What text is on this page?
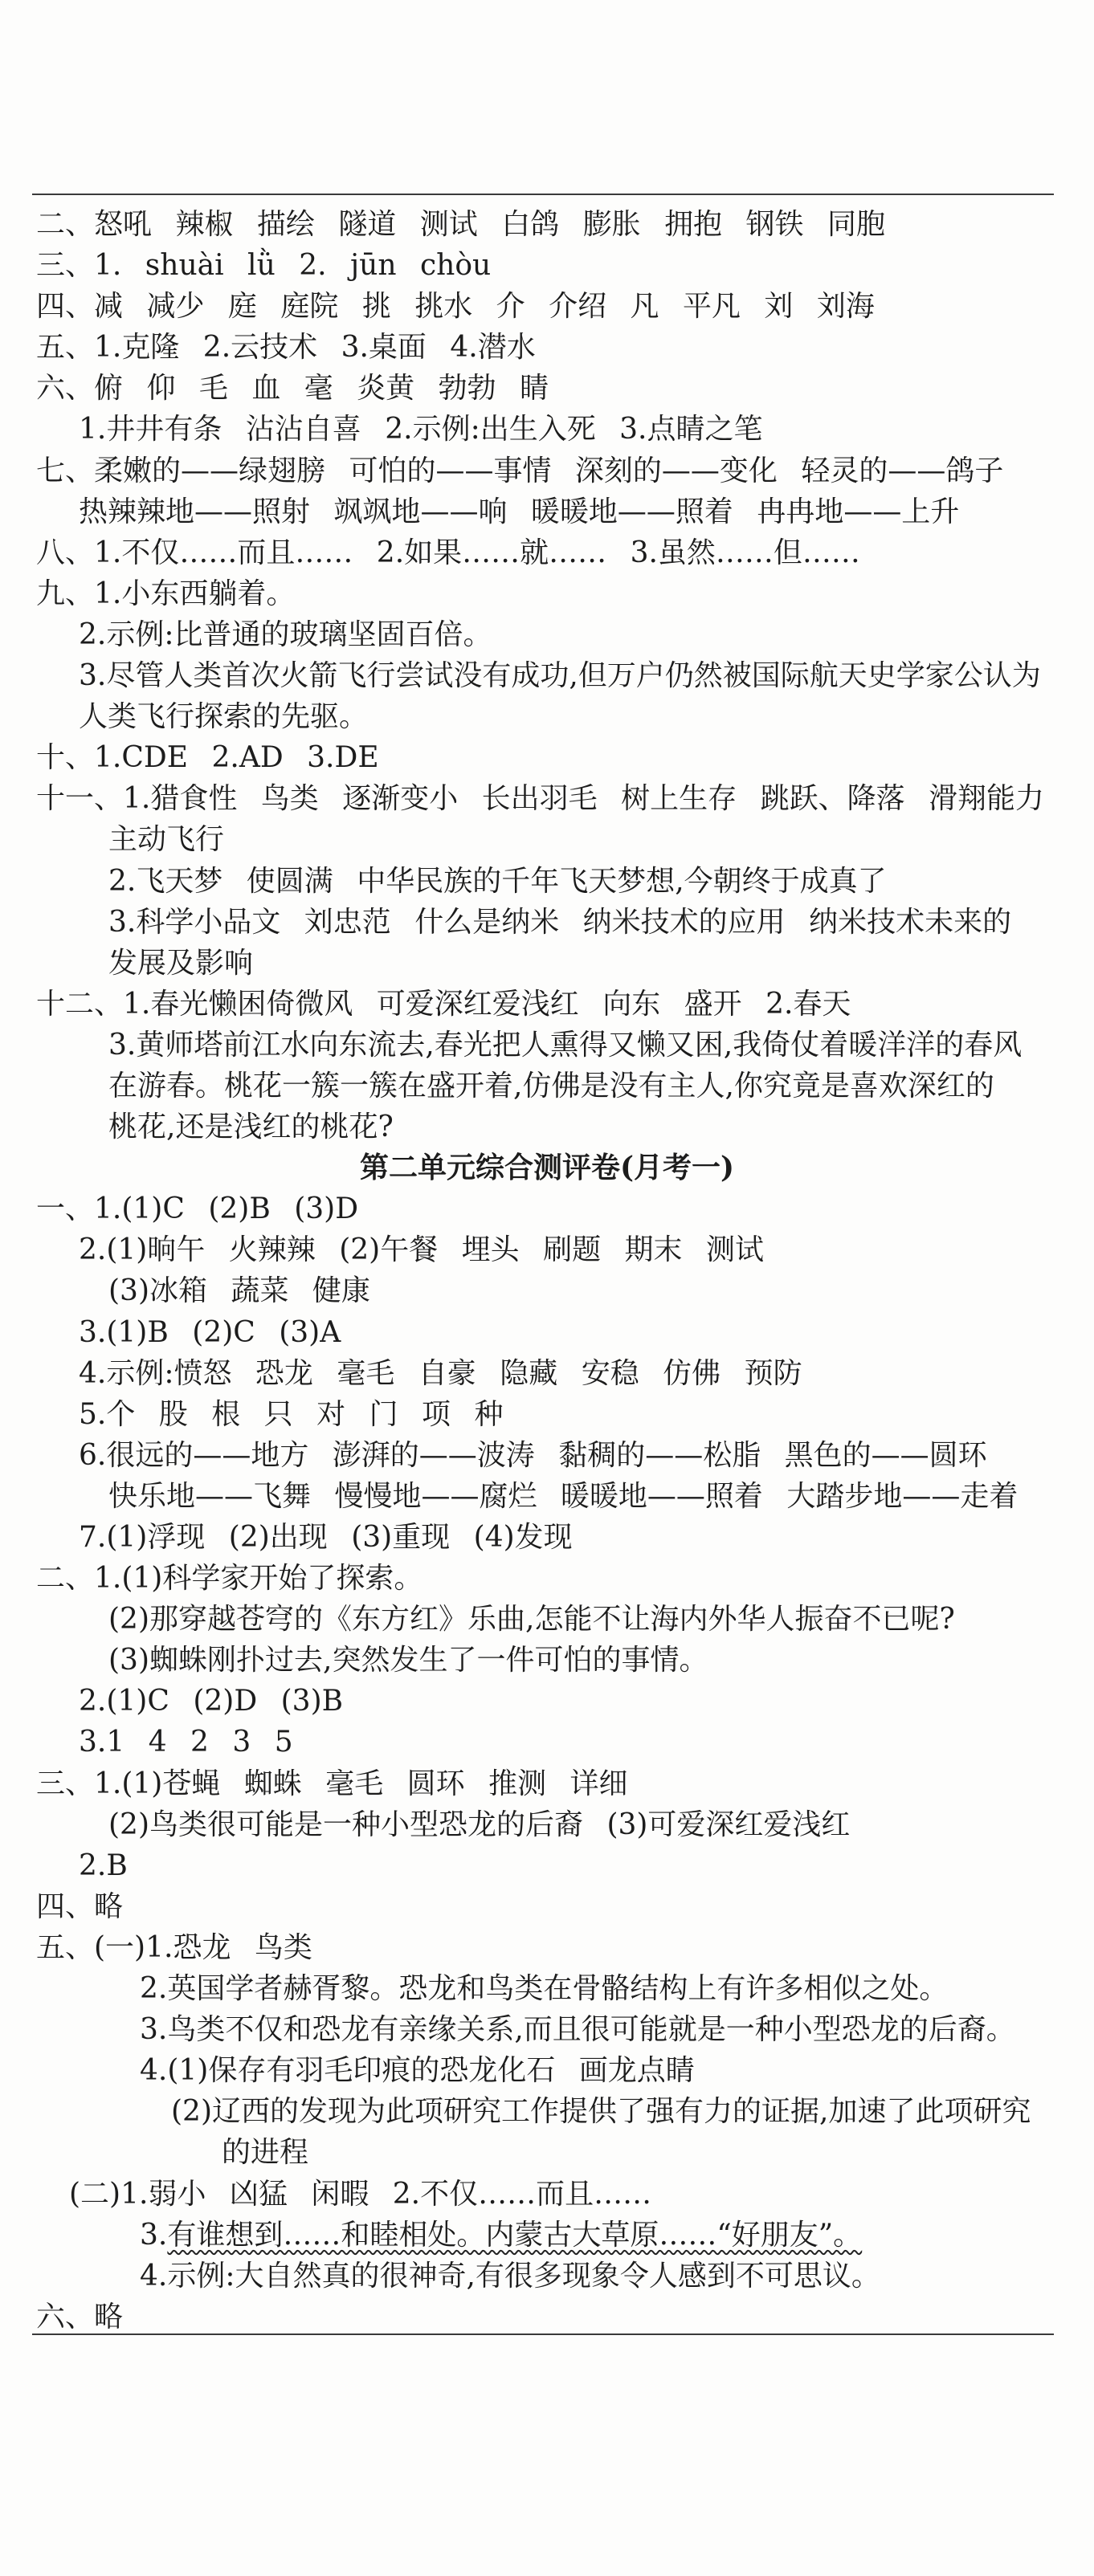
二、怒吼 辣椒 描绘 隧道 测试 白鸽 膨胀 拥抱 钢铁 同胞
三、1. shuài lǜ 2. jūn chòu
四、减 减少 庭 庭院 挑 挑水 介 介绍 凡 平凡 刘 刘海
五、1.克隆 2.云技术 3.桌面 4.潜水
六、俯 仰 毛 血 毫 炎黄 勃勃 睛
1.井井有条 沾沾自喜 2.示例:出生入死 3.点睛之笔
七、柔嫩的——绿翅膀 可怕的——事情 深刻的——变化 轻灵的——鸽子
热辣辣地——照射 飒飒地——响 暖暖地——照着 冉冉地——上升
八、1.不仅……而且…… 2.如果……就…… 3.虽然……但……
九、1.小东西躺着。
2.示例:比普通的玻璃坚固百倍。
3.尽管人类首次火箭飞行尝试没有成功,但万户仍然被国际航天史学家公认为
人类飞行探索的先驱。
十、1.CDE 2.AD 3.DE
十一、1.猎食性 鸟类 逐渐变小 长出羽毛 树上生存 跳跃、降落 滑翔能力
主动飞行
2.飞天梦 使圆满 中华民族的千年飞天梦想,今朝终于成真了
3.科学小品文 刘忠范 什么是纳米 纳米技术的应用 纳米技术未来的
发展及影响
十二、1.春光懒困倚微风 可爱深红爱浅红 向东 盛开 2.春天
3.黄师塔前江水向东流去,春光把人熏得又懒又困,我倚仗着暖洋洋的春风
在游春。桃花一簇一簇在盛开着,仿佛是没有主人,你究竟是喜欢深红的
桃花,还是浅红的桃花?
第二单元综合测评卷(月考一)
一、1.(1)C (2)B (3)D
2.(1)晌午 火辣辣 (2)午餐 埋头 刷题 期末 测试
(3)冰箱 蔬菜 健康
3.(1)B (2)C (3)A
4.示例:愤怒 恐龙 毫毛 自豪 隐藏 安稳 仿佛 预防
5.个 股 根 只 对 门 项 种
6.很远的——地方 澎湃的——波涛 黏稠的——松脂 黑色的——圆环
快乐地——飞舞 慢慢地——腐烂 暖暖地——照着 大踏步地——走着
7.(1)浮现 (2)出现 (3)重现 (4)发现
二、1.(1)科学家开始了探索。
(2)那穿越苍穹的《东方红》乐曲,怎能不让海内外华人振奋不已呢?
(3)蜘蛛刚扑过去,突然发生了一件可怕的事情。
2.(1)C (2)D (3)B
3.1 4 2 3 5
三、1.(1)苍蝇 蜘蛛 毫毛 圆环 推测 详细
(2)鸟类很可能是一种小型恐龙的后裔 (3)可爱深红爱浅红
2.B
四、略
五、(一)1.恐龙 鸟类
2.英国学者赫胥黎。恐龙和鸟类在骨骼结构上有许多相似之处。
3.鸟类不仅和恐龙有亲缘关系,而且很可能就是一种小型恐龙的后裔。
4.(1)保存有羽毛印痕的恐龙化石 画龙点睛
(2)辽西的发现为此项研究工作提供了强有力的证据,加速了此项研究
的进程
(二)1.弱小 凶猛 闲暇 2.不仅……而且……
3.有谁想到……和睦相处。内蒙古大草原……“好朋友”。
4.示例:大自然真的很神奇,有很多现象令人感到不可思议。
六、略
